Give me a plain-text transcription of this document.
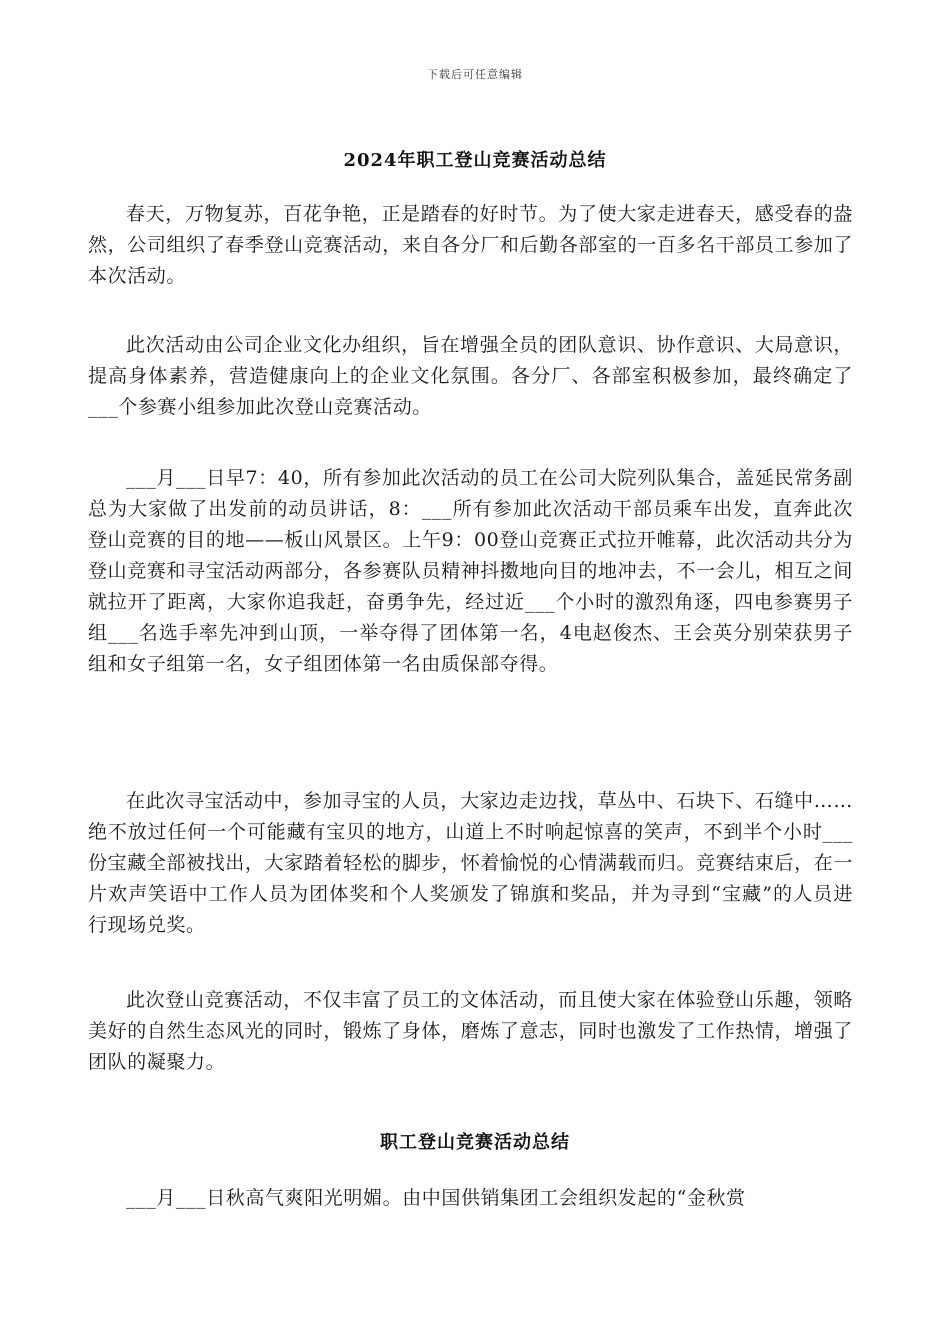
下载后可任意编辑
2024年职工登山竞赛活动总结

春天，万物复苏，百花争艳，正是踏春的好时节。为了使大家走进春天，感受春的盎然，公司组织了春季登山竞赛活动，来自各分厂和后勤各部室的一百多名干部员工参加了本次活动。

此次活动由公司企业文化办组织，旨在增强全员的团队意识、协作意识、大局意识，提高身体素养，营造健康向上的企业文化氛围。各分厂、各部室积极参加，最终确定了___个参赛小组参加此次登山竞赛活动。

___月___日早7：40，所有参加此次活动的员工在公司大院列队集合，盖延民常务副总为大家做了出发前的动员讲话，8：___所有参加此次活动干部员乘车出发，直奔此次登山竞赛的目的地——板山风景区。上午9：00登山竞赛正式拉开帷幕，此次活动共分为登山竞赛和寻宝活动两部分，各参赛队员精神抖擞地向目的地冲去，不一会儿，相互之间就拉开了距离，大家你追我赶，奋勇争先，经过近___个小时的激烈角逐，四电参赛男子组___名选手率先冲到山顶，一举夺得了团体第一名，4电赵俊杰、王会英分别荣获男子组和女子组第一名，女子组团体第一名由质保部夺得。

在此次寻宝活动中，参加寻宝的人员，大家边走边找，草丛中、石块下、石缝中……绝不放过任何一个可能藏有宝贝的地方，山道上不时响起惊喜的笑声，不到半个小时___份宝藏全部被找出，大家踏着轻松的脚步，怀着愉悦的心情满载而归。竞赛结束后，在一片欢声笑语中工作人员为团体奖和个人奖颁发了锦旗和奖品，并为寻到“宝藏”的人员进行现场兑奖。

此次登山竞赛活动，不仅丰富了员工的文体活动，而且使大家在体验登山乐趣，领略美好的自然生态风光的同时，锻炼了身体，磨炼了意志，同时也激发了工作热情，增强了团队的凝聚力。

职工登山竞赛活动总结

___月___日秋高气爽阳光明媚。由中国供销集团工会组织发起的“金秋赏
